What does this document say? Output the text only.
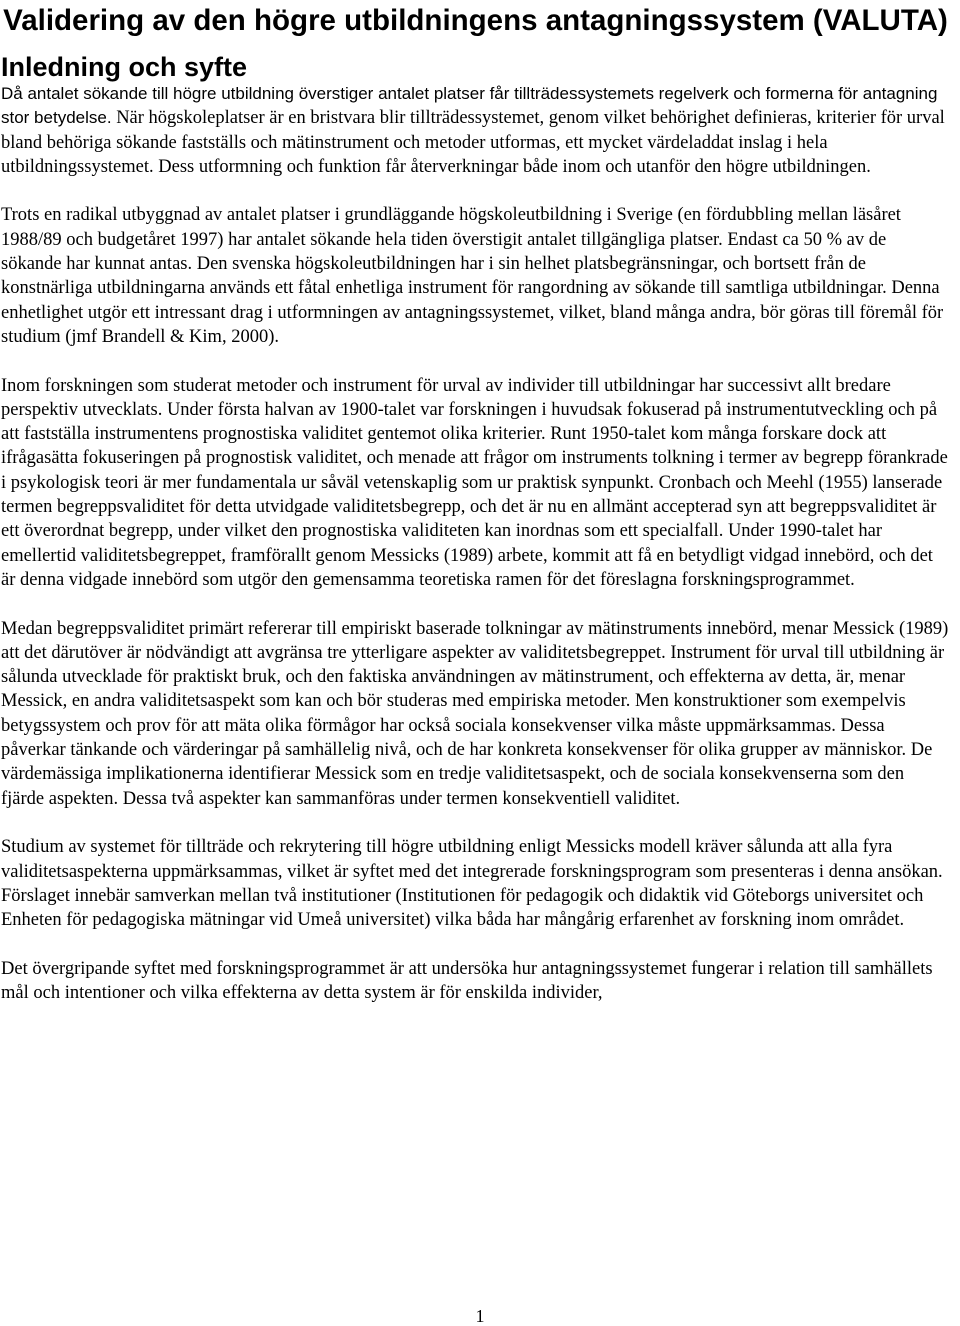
Validering av den högre utbildningens antagningssystem (VALUTA)
Inledning och syfte

Då antalet sökande till högre utbildning överstiger antalet platser får tillträdessystemets regelverk och formerna för antagning stor betydelse. När högskoleplatser är en bristvara blir tillträdessystemet, genom vilket behörighet definieras, kriterier för urval bland behöriga sökande fastställs och mätinstrument och metoder utformas, ett mycket värdeladdat inslag i hela utbildningssystemet. Dess utformning och funktion får återverkningar både inom och utanför den högre utbildningen.

Trots en radikal utbyggnad av antalet platser i grundläggande högskoleutbildning i Sverige (en fördubbling mellan läsåret 1988/89 och budgetåret 1997) har antalet sökande hela tiden överstigit antalet tillgängliga platser. Endast ca 50 % av de sökande har kunnat antas. Den svenska högskoleutbildningen har i sin helhet platsbegränsningar, och bortsett från de konstnärliga utbildningarna används ett fåtal enhetliga instrument för rangordning av sökande till samtliga utbildningar. Denna enhetlighet utgör ett intressant drag i utformningen av antagningssystemet, vilket, bland många andra, bör göras till föremål för studium (jmf Brandell & Kim, 2000).

Inom forskningen som studerat metoder och instrument för urval av individer till utbildningar har successivt allt bredare perspektiv utvecklats. Under första halvan av 1900-talet var forskningen i huvudsak fokuserad på instrumentutveckling och på att fastställa instrumentens prognostiska validitet gentemot olika kriterier. Runt 1950-talet kom många forskare dock att ifrågasätta fokuseringen på prognostisk validitet, och menade att frågor om instruments tolkning i termer av begrepp förankrade i psykologisk teori är mer fundamentala ur såväl vetenskaplig som ur praktisk synpunkt. Cronbach och Meehl (1955) lanserade termen begreppsvaliditet för detta utvidgade validitetsbegrepp, och det är nu en allmänt accepterad syn att begreppsvaliditet är ett överordnat begrepp, under vilket den prognostiska validiteten kan inordnas som ett specialfall. Under 1990-talet har emellertid validitetsbegreppet, framförallt genom Messicks (1989) arbete, kommit att få en betydligt vidgad innebörd, och det är denna vidgade innebörd som utgör den gemensamma teoretiska ramen för det föreslagna forskningsprogrammet.

Medan begreppsvaliditet primärt refererar till empiriskt baserade tolkningar av mätinstruments innebörd, menar Messick (1989) att det därutöver är nödvändigt att avgränsa tre ytterligare aspekter av validitetsbegreppet. Instrument för urval till utbildning är sålunda utvecklade för praktiskt bruk, och den faktiska användningen av mätinstrument, och effekterna av detta, är, menar Messick, en andra validitetsaspekt som kan och bör studeras med empiriska metoder. Men konstruktioner som exempelvis betygssystem och prov för att mäta olika förmågor har också sociala konsekvenser vilka måste uppmärksammas. Dessa påverkar tänkande och värderingar på samhällelig nivå, och de har konkreta konsekvenser för olika grupper av människor. De värdemässiga implikationerna identifierar Messick som en tredje validitetsaspekt, och de sociala konsekvenserna som den fjärde aspekten. Dessa två aspekter kan sammanföras under termen konsekventiell validitet.

Studium av systemet för tillträde och rekrytering till högre utbildning enligt Messicks modell kräver sålunda att alla fyra validitetsaspekterna uppmärksammas, vilket är syftet med det integrerade forskningsprogram som presenteras i denna ansökan. Förslaget innebär samverkan mellan två institutioner (Institutionen för pedagogik och didaktik vid Göteborgs universitet och Enheten för pedagogiska mätningar vid Umeå universitet) vilka båda har mångårig erfarenhet av forskning inom området.

Det övergripande syftet med forskningsprogrammet är att undersöka hur antagningssystemet fungerar i relation till samhällets mål och intentioner och vilka effekterna av detta system är för enskilda individer,

1
